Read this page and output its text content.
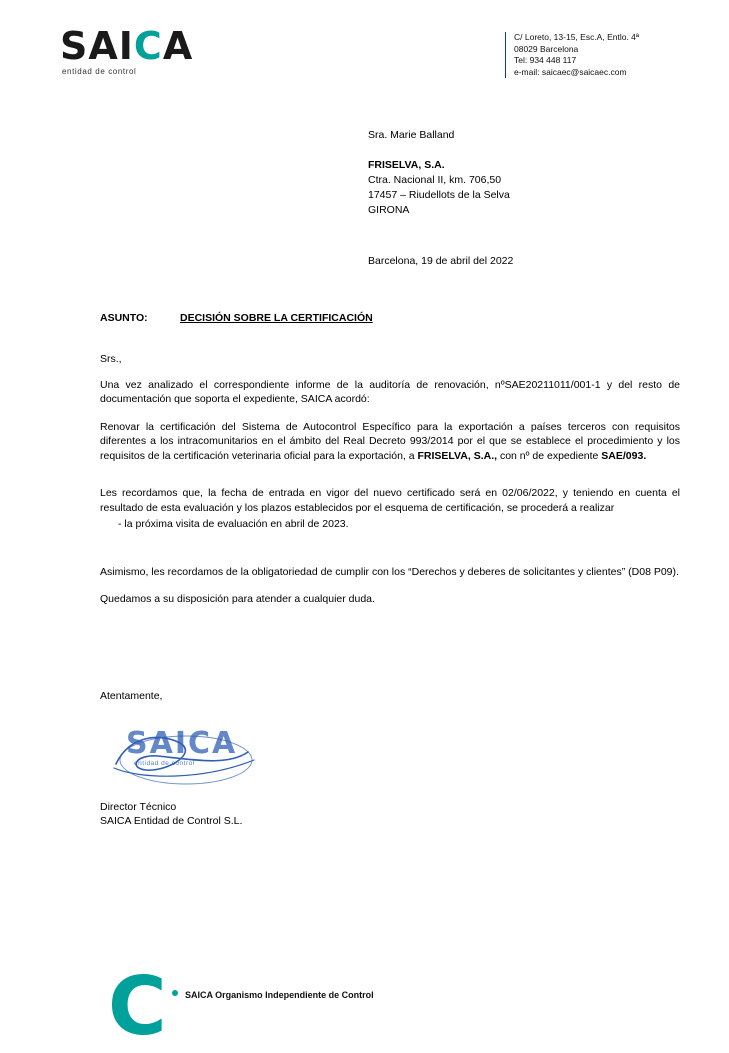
SAICA
entidad de control
C/ Loreto, 13-15, Esc.A, Entlo. 4ª
08029 Barcelona
Tel: 934 448 117
e-mail: saicaec@saicaec.com
Sra. Marie Balland
FRISELVA, S.A.
Ctra. Nacional II, km. 706,50
17457 – Riudellots de la Selva
GIRONA
Barcelona, 19 de abril del 2022
ASUNTO:	DECISIÓN SOBRE LA CERTIFICACIÓN

Srs.,

Una vez analizado el correspondiente informe de la auditoría de renovación, nºSAE20211011/001-1 y del resto de documentación que soporta el expediente, SAICA acordó:

Renovar la certificación del Sistema de Autocontrol Específico para la exportación a países terceros con requisitos diferentes a los intracomunitarios en el ámbito del Real Decreto 993/2014 por el que se establece el procedimiento y los requisitos de la certificación veterinaria oficial para la exportación, a FRISELVA, S.A., con nº de expediente SAE/093.

Les recordamos que, la fecha de entrada en vigor del nuevo certificado será en 02/06/2022, y teniendo en cuenta el resultado de esta evaluación y los plazos establecidos por el esquema de certificación, se procederá a realizar

- la próxima visita de evaluación en abril de 2023.

Asimismo, les recordamos de la obligatoriedad de cumplir con los “Derechos y deberes de solicitantes y clientes” (D08 P09).

Quedamos a su disposición para atender a cualquier duda.

Atentamente,
SAICA
entidad de control
Director Técnico
SAICA Entidad de Control S.L.
C SAICA Organismo Independiente de Control
